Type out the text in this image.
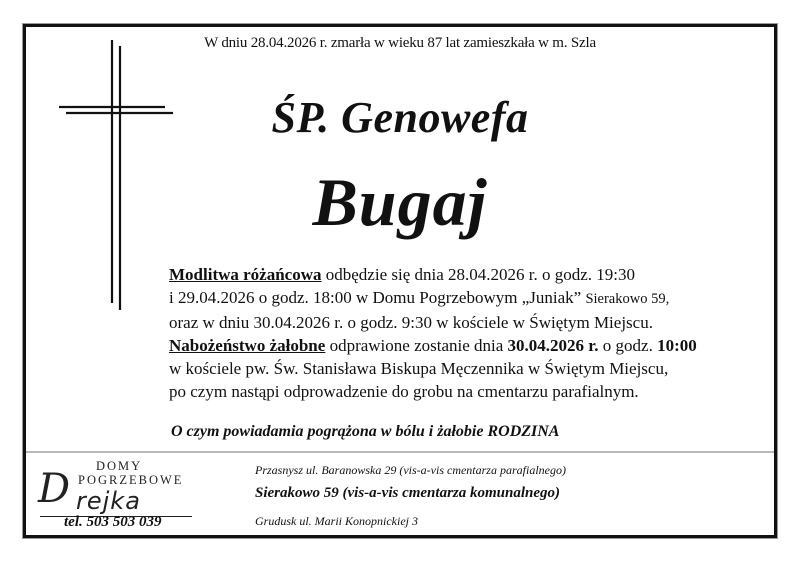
W dniu 28.04.2026 r. zmarła w wieku 87 lat zamieszkała w m. Szla
ŚP. Genowefa
Bugaj
Modlitwa różańcowa odbędzie się dnia 28.04.2026 r. o godz. 19:30
i 29.04.2026 o godz. 18:00 w Domu Pogrzebowym „Juniak” Sierakowo 59,
oraz w dniu 30.04.2026 r. o godz. 9:30 w kościele w Świętym Miejscu.
Nabożeństwo żałobne odprawione zostanie dnia 30.04.2026 r. o godz. 10:00
w kościele pw. Św. Stanisława Biskupa Męczennika w Świętym Miejscu,
po czym nastąpi odprowadzenie do grobu na cmentarzu parafialnym.
O czym powiadamia pogrążona w bólu i żałobie RODZINA
DOMY
POGRZEBOWE
D rejka
tel. 503 503 039
Przasnysz ul. Baranowska 29 (vis-a-vis cmentarza parafialnego)
Sierakowo 59 (vis-a-vis cmentarza komunalnego)
Grudusk ul. Marii Konopnickiej 3
